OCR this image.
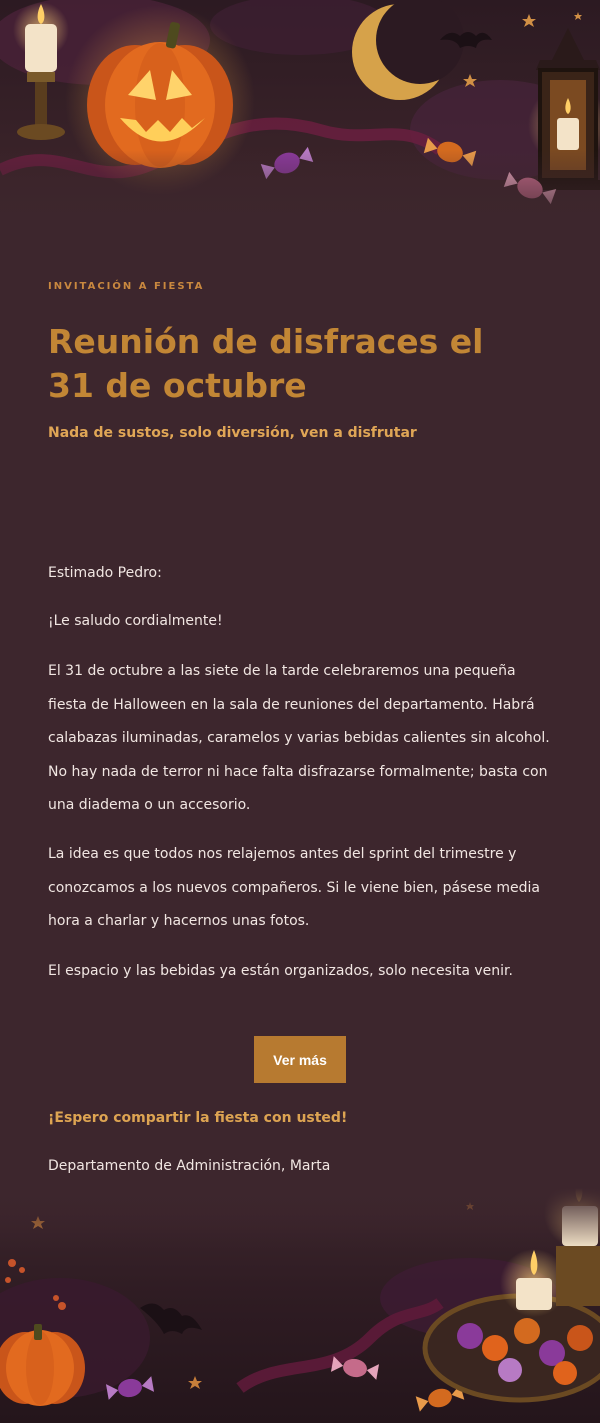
INVITACIÓN A FIESTA
Reunión de disfraces el 31 de octubre
Nada de sustos, solo diversión, ven a disfrutar

Estimado Pedro:

¡Le saludo cordialmente!

El 31 de octubre a las siete de la tarde celebraremos una pequeña fiesta de Halloween en la sala de reuniones del departamento. Habrá calabazas iluminadas, caramelos y varias bebidas calientes sin alcohol. No hay nada de terror ni hace falta disfrazarse formalmente; basta con una diadema o un accesorio.

La idea es que todos nos relajemos antes del sprint del trimestre y conozcamos a los nuevos compañeros. Si le viene bien, pásese media hora a charlar y hacernos unas fotos.

El espacio y las bebidas ya están organizados, solo necesita venir.

Ver más
¡Espero compartir la fiesta con usted!
Departamento de Administración, Marta
